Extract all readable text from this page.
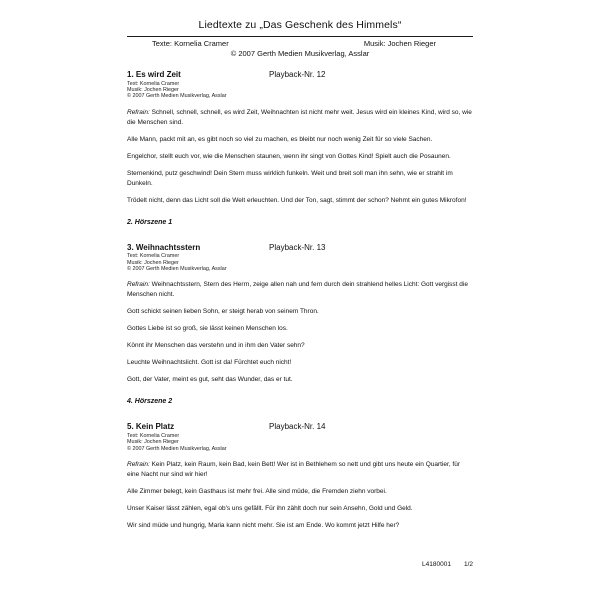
Liedtexte zu „Das Geschenk des Himmels“
Texte: Kornelia Cramer	Musik: Jochen Rieger
© 2007 Gerth Medien Musikverlag, Asslar
1. Es wird Zeit	Playback-Nr. 12
Text: Kornelia Cramer
Musik: Jochen Rieger
© 2007 Gerth Medien Musikverlag, Asslar

Refrain: Schnell, schnell, schnell, es wird Zeit, Weihnachten ist nicht mehr weit. Jesus wird ein kleines Kind, wird so, wie die Menschen sind.

Alle Mann, packt mit an, es gibt noch so viel zu machen, es bleibt nur noch wenig Zeit für so viele Sachen.

Engelchor, stellt euch vor, wie die Menschen staunen, wenn ihr singt von Gottes Kind! Spielt auch die Posaunen.

Sternenkind, putz geschwind! Dein Stern muss wirklich funkeln. Weit und breit soll man ihn sehn, wie er strahlt im Dunkeln.

Trödelt nicht, denn das Licht soll die Welt erleuchten. Und der Ton, sagt, stimmt der schon? Nehmt ein gutes Mikrofon!

2. Hörszene 1
3. Weihnachtsstern	Playback-Nr. 13
Text: Kornelia Cramer
Musik: Jochen Rieger
© 2007 Gerth Medien Musikverlag, Asslar

Refrain: Weihnachtsstern, Stern des Herrn, zeige allen nah und fern durch dein strahlend helles Licht: Gott vergisst die Menschen nicht.

Gott schickt seinen lieben Sohn, er steigt herab von seinem Thron.

Gottes Liebe ist so groß, sie lässt keinen Menschen los.

Könnt ihr Menschen das verstehn und in ihm den Vater sehn?

Leuchte Weihnachtslicht. Gott ist da! Fürchtet euch nicht!

Gott, der Vater, meint es gut, seht das Wunder, das er tut.

4. Hörszene 2
5. Kein Platz	Playback-Nr. 14
Text: Kornelia Cramer
Musik: Jochen Rieger
© 2007 Gerth Medien Musikverlag, Asslar

Refrain: Kein Platz, kein Raum, kein Bad, kein Bett! Wer ist in Bethlehem so nett und gibt uns heute ein Quartier, für eine Nacht nur sind wir hier!

Alle Zimmer belegt, kein Gasthaus ist mehr frei. Alle sind müde, die Fremden ziehn vorbei.

Unser Kaiser lässt zählen, egal ob's uns gefällt. Für ihn zählt doch nur sein Ansehn, Gold und Geld.

Wir sind müde und hungrig, Maria kann nicht mehr. Sie ist am Ende. Wo kommt jetzt Hilfe her?

L4180001 1/2
